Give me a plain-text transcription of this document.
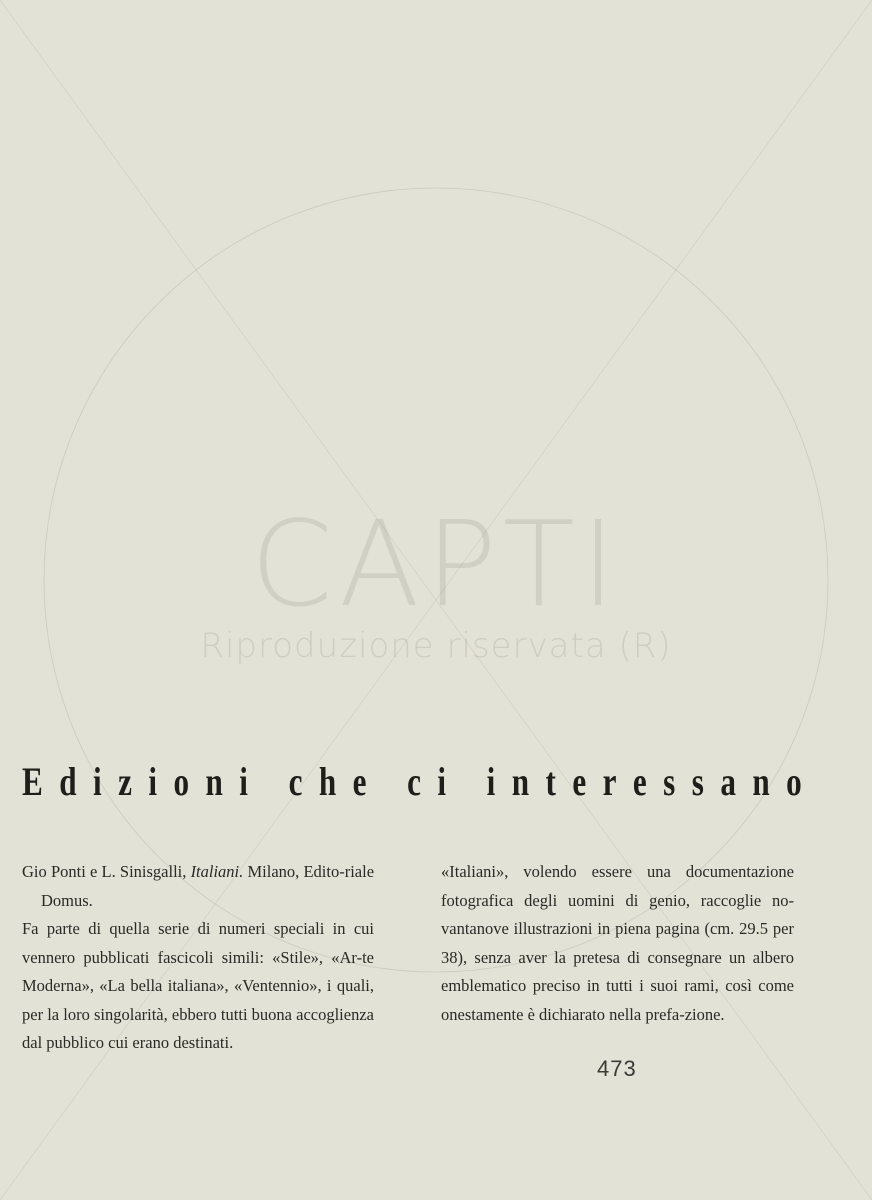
CAPTI
Riproduzione riservata (R)
E d i z i o n i
c h e
c i
i n t e r e s s a n o

Gio Ponti e L. Sinisgalli, Italiani. Milano, Edito-riale Domus.

Fa parte di quella serie di numeri speciali in cui vennero pubblicati fascicoli simili: «Stile», «Ar-te Moderna», «La bella italiana», «Ventennio», i quali, per la loro singolarità, ebbero tutti buona accoglienza dal pubblico cui erano destinati.

«Italiani», volendo essere una documentazione fotografica degli uomini di genio, raccoglie no-vantanove illustrazioni in piena pagina (cm. 29.5 per 38), senza aver la pretesa di consegnare un albero emblematico preciso in tutti i suoi rami, così come onestamente è dichiarato nella prefa-zione.

473
